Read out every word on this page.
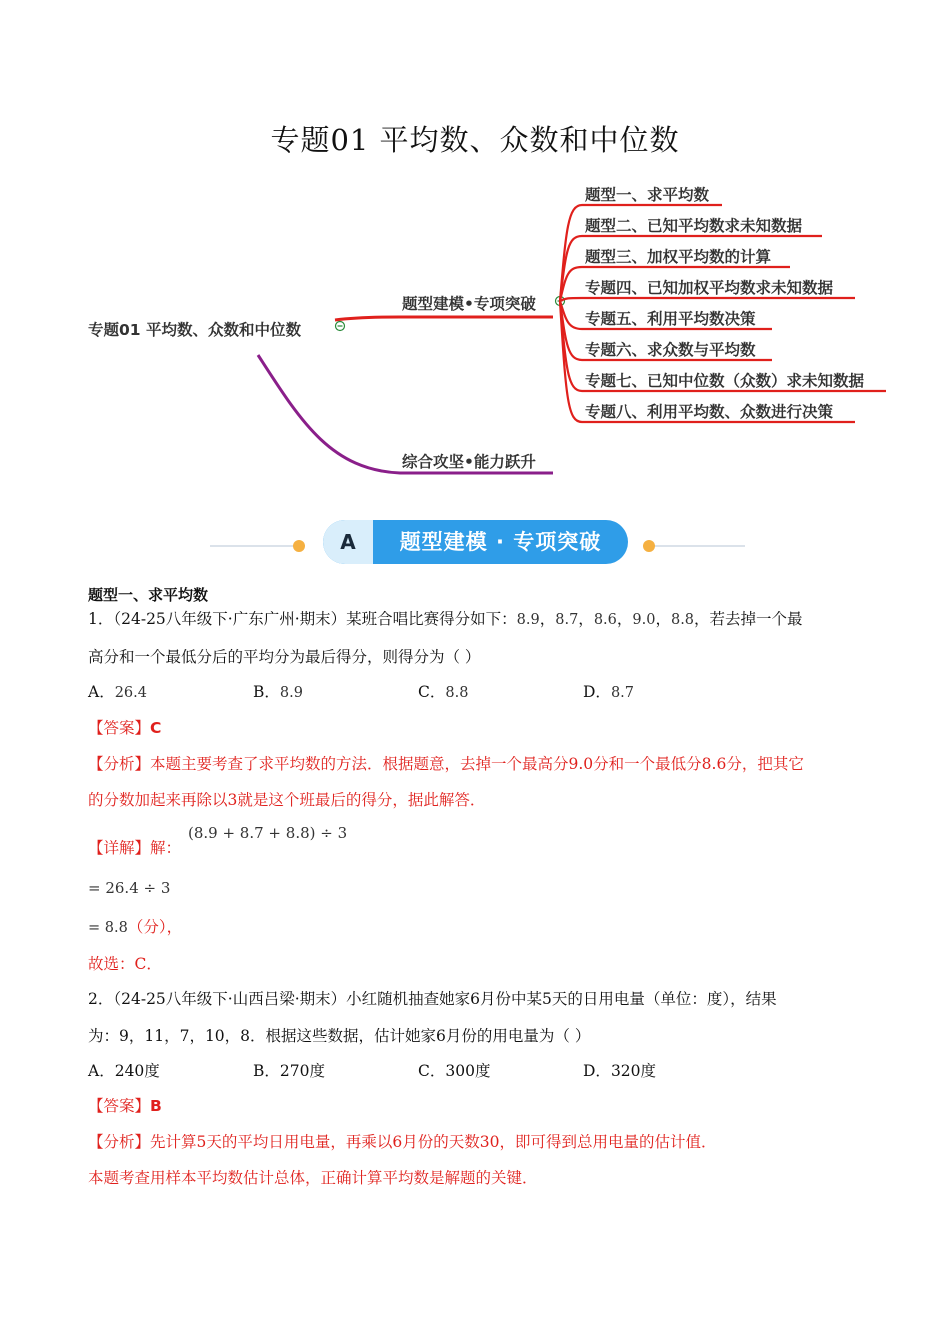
专题01 平均数、众数和中位数
专题01 平均数、众数和中位数
题型建模•专项突破
综合攻坚•能力跃升
题型一、求平均数
题型二、已知平均数求未知数据
题型三、加权平均数的计算
专题四、已知加权平均数求未知数据
专题五、利用平均数决策
专题六、求众数与平均数
专题七、已知中位数（众数）求未知数据
专题八、利用平均数、众数进行决策
A	题型建模 · 专项突破
题型一、求平均数
1．（24-25八年级下·广东广州·期末）某班合唱比赛得分如下：8.9，8.7，8.6，9.0，8.8，若去掉一个最
高分和一个最低分后的平均分为最后得分，则得分为（ ）
A．26.4	B．8.9	C．8.8	D．8.7
【答案】C
【分析】本题主要考查了求平均数的方法．根据题意，去掉一个最高分9.0分和一个最低分8.6分，把其它
的分数加起来再除以3就是这个班最后的得分，据此解答．
【详解】解：
(8.9 + 8.7 + 8.8) ÷ 3
= 26.4 ÷ 3
= 8.8（分），
故选：C．
2．（24-25八年级下·山西吕梁·期末）小红随机抽查她家6月份中某5天的日用电量（单位：度），结果
为：9，11，7，10，8．根据这些数据，估计她家6月份的用电量为（ ）
A．240度	B．270度	C．300度	D．320度
【答案】B
【分析】先计算5天的平均日用电量，再乘以6月份的天数30，即可得到总用电量的估计值．
本题考查用样本平均数估计总体，正确计算平均数是解题的关键．
